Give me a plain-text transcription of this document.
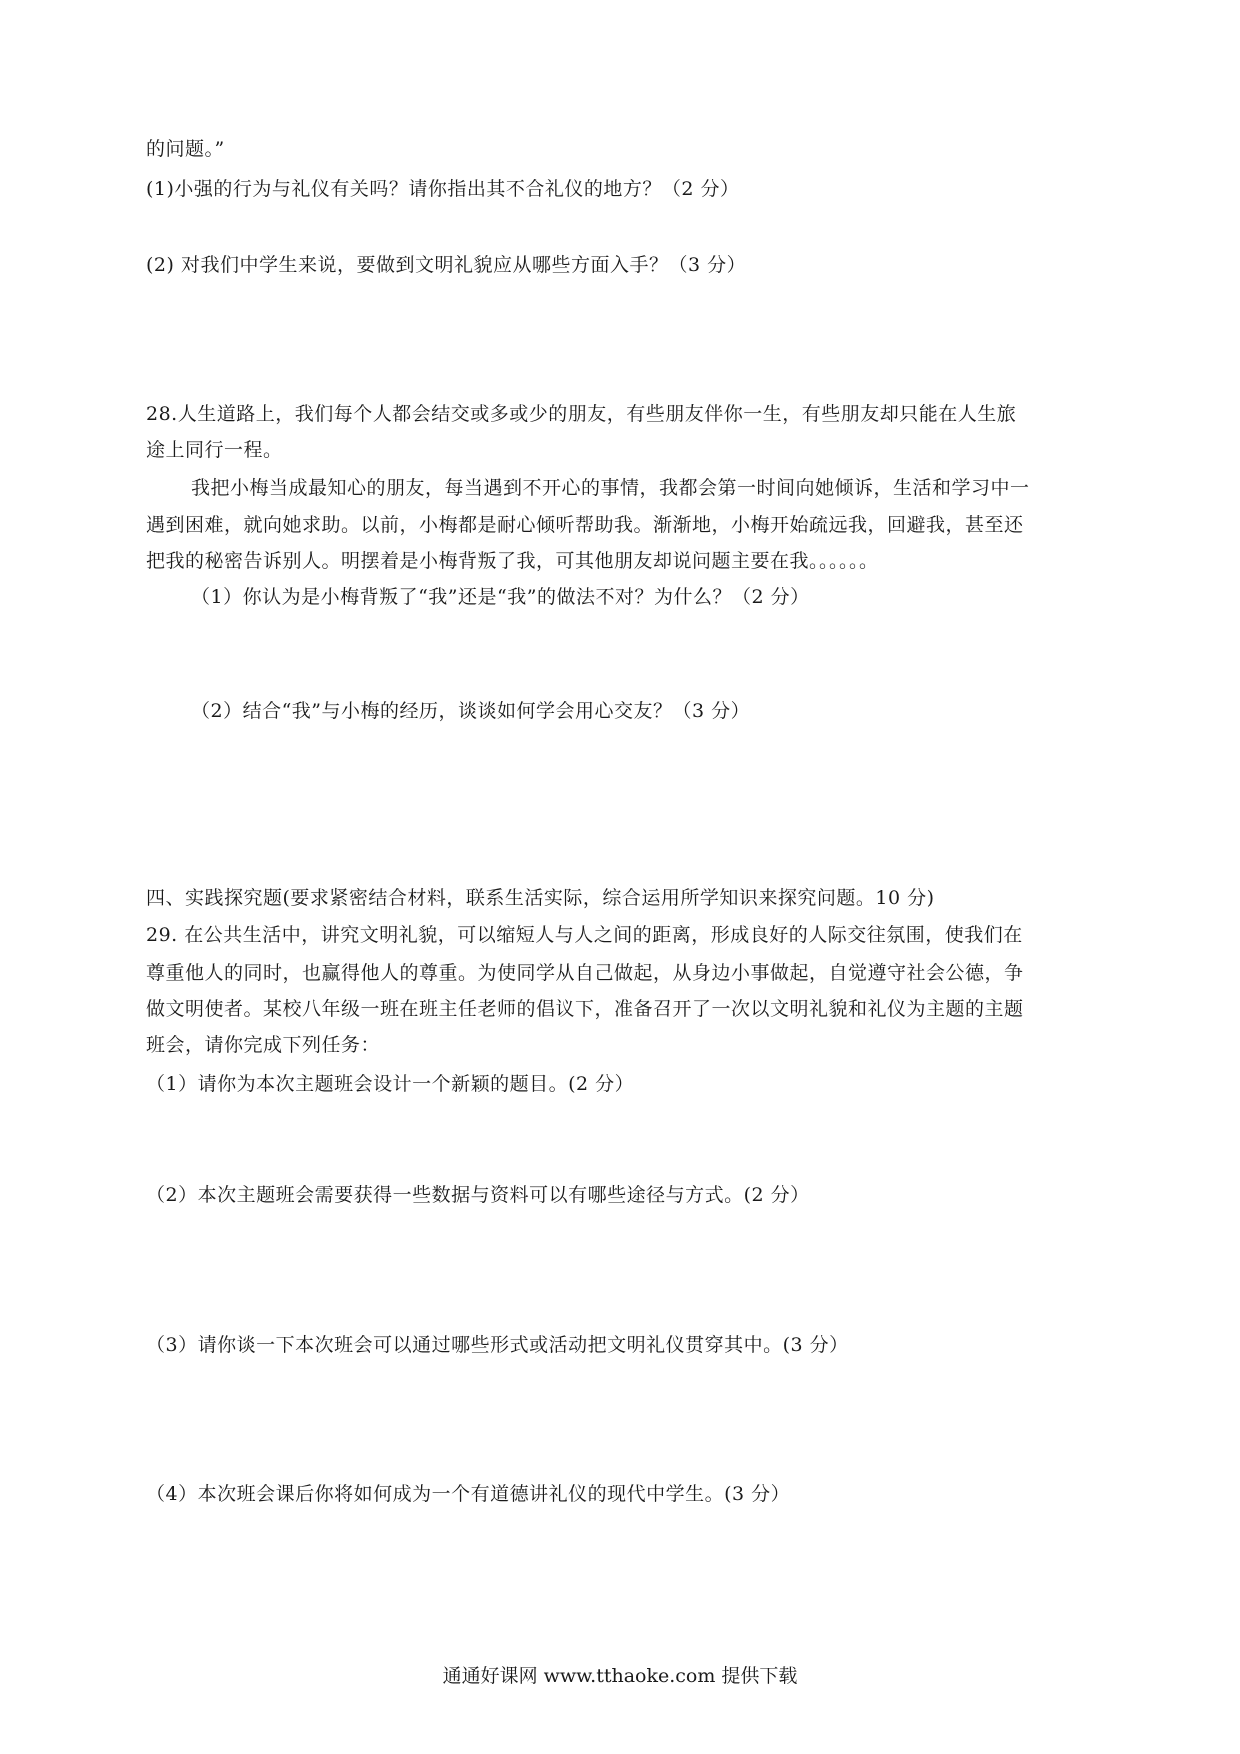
的问题。”
(1)小强的行为与礼仪有关吗？请你指出其不合礼仪的地方？（2 分）
(2) 对我们中学生来说，要做到文明礼貌应从哪些方面入手？（3 分）
28.人生道路上，我们每个人都会结交或多或少的朋友，有些朋友伴你一生，有些朋友却只能在人生旅
途上同行一程。
我把小梅当成最知心的朋友，每当遇到不开心的事情，我都会第一时间向她倾诉，生活和学习中一
遇到困难，就向她求助。以前，小梅都是耐心倾听帮助我。渐渐地，小梅开始疏远我，回避我，甚至还
把我的秘密告诉别人。明摆着是小梅背叛了我，可其他朋友却说问题主要在我。。。。。。
（1）你认为是小梅背叛了“我”还是“我”的做法不对？为什么？（2 分）
（2）结合“我”与小梅的经历，谈谈如何学会用心交友？（3 分）
四、实践探究题(要求紧密结合材料，联系生活实际，综合运用所学知识来探究问题。10 分)
29. 在公共生活中，讲究文明礼貌，可以缩短人与人之间的距离，形成良好的人际交往氛围，使我们在
尊重他人的同时，也赢得他人的尊重。为使同学从自己做起，从身边小事做起，自觉遵守社会公德，争
做文明使者。某校八年级一班在班主任老师的倡议下，准备召开了一次以文明礼貌和礼仪为主题的主题
班会，请你完成下列任务：
（1）请你为本次主题班会设计一个新颖的题目。(2 分）
（2）本次主题班会需要获得一些数据与资料可以有哪些途径与方式。(2 分）
（3）请你谈一下本次班会可以通过哪些形式或活动把文明礼仪贯穿其中。(3 分）
（4）本次班会课后你将如何成为一个有道德讲礼仪的现代中学生。(3 分）
通通好课网 www.tthaoke.com 提供下载
